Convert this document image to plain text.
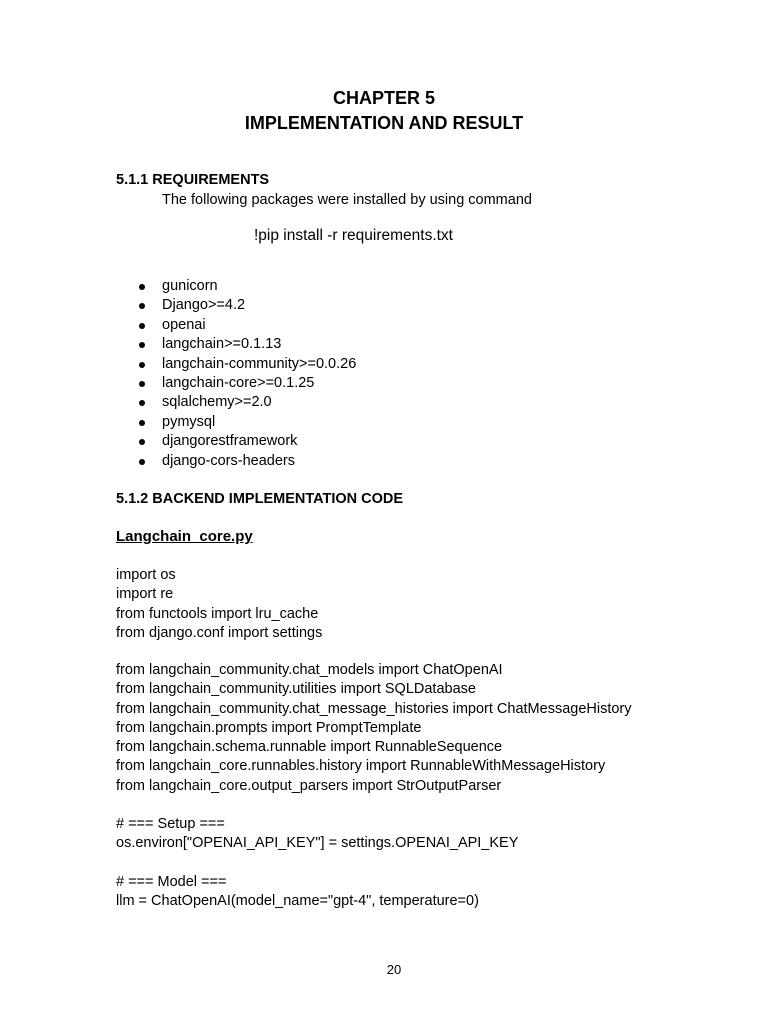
CHAPTER 5
IMPLEMENTATION AND RESULT
5.1.1 REQUIREMENTS
The following packages were installed by using command
!pip install -r requirements.txt
gunicorn
Django>=4.2
openai
langchain>=0.1.13
langchain-community>=0.0.26
langchain-core>=0.1.25
sqlalchemy>=2.0
pymysql
djangorestframework
django-cors-headers
5.1.2 BACKEND IMPLEMENTATION CODE
Langchain_core.py
import os
import re
from functools import lru_cache
from django.conf import settings
from langchain_community.chat_models import ChatOpenAI
from langchain_community.utilities import SQLDatabase
from langchain_community.chat_message_histories import ChatMessageHistory
from langchain.prompts import PromptTemplate
from langchain.schema.runnable import RunnableSequence
from langchain_core.runnables.history import RunnableWithMessageHistory
from langchain_core.output_parsers import StrOutputParser
# === Setup ===
os.environ["OPENAI_API_KEY"] = settings.OPENAI_API_KEY
# === Model ===
llm = ChatOpenAI(model_name="gpt-4", temperature=0)
20
